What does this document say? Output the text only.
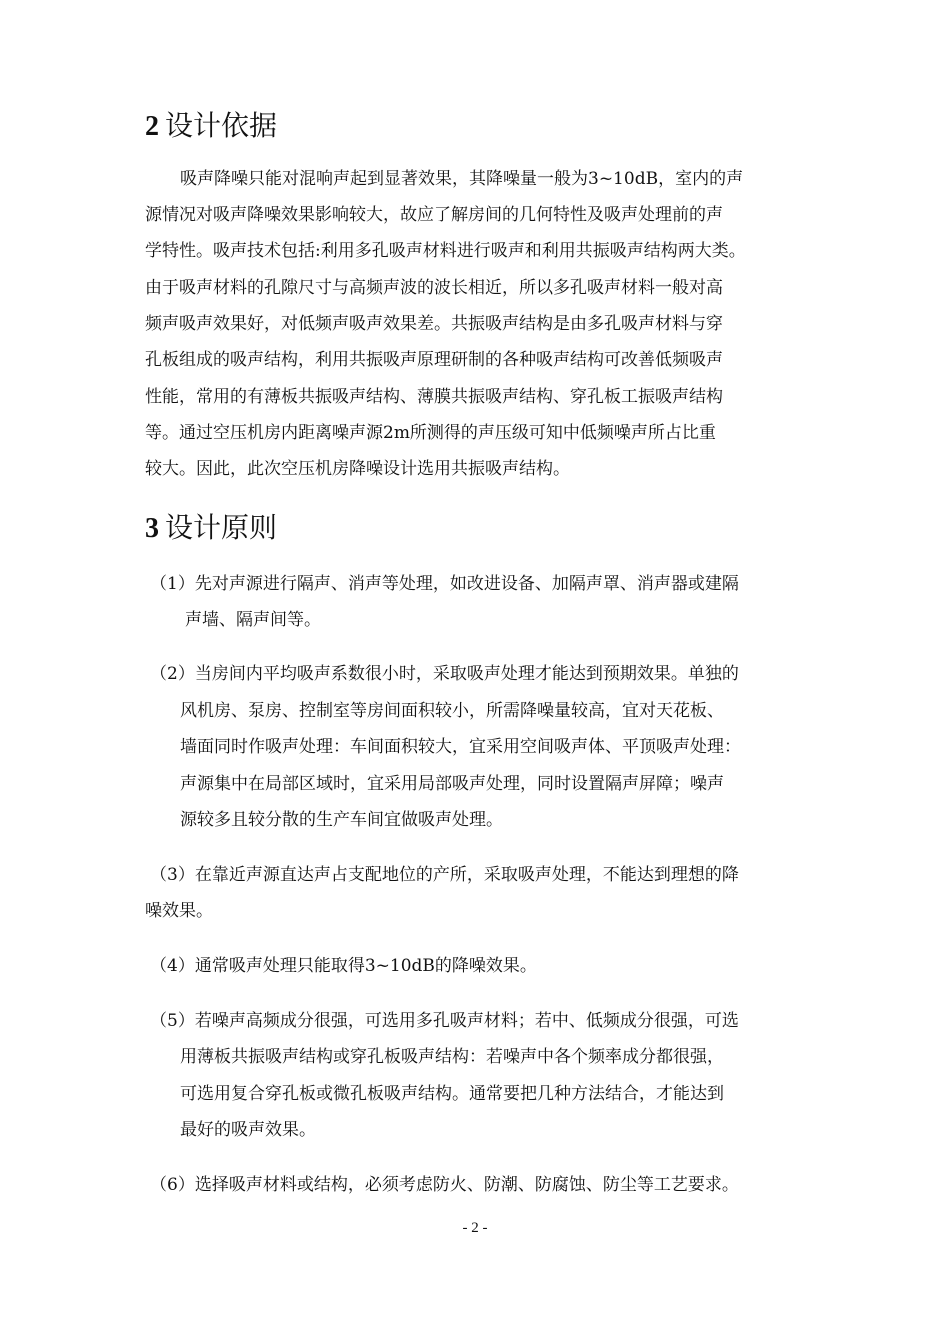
2 设计依据

吸声降噪只能对混响声起到显著效果，其降噪量一般为3~10dB，室内的声

源情况对吸声降噪效果影响较大，故应了解房间的几何特性及吸声处理前的声

学特性。吸声技术包括:利用多孔吸声材料进行吸声和利用共振吸声结构两大类。

由于吸声材料的孔隙尺寸与高频声波的波长相近，所以多孔吸声材料一般对高

频声吸声效果好，对低频声吸声效果差。共振吸声结构是由多孔吸声材料与穿

孔板组成的吸声结构，利用共振吸声原理研制的各种吸声结构可改善低频吸声

性能，常用的有薄板共振吸声结构、薄膜共振吸声结构、穿孔板工振吸声结构

等。通过空压机房内距离噪声源2m所测得的声压级可知中低频噪声所占比重

较大。因此，此次空压机房降噪设计选用共振吸声结构。

3 设计原则

（1）先对声源进行隔声、消声等处理，如改进设备、加隔声罩、消声器或建隔

声墙、隔声间等。

（2）当房间内平均吸声系数很小时，采取吸声处理才能达到预期效果。单独的

风机房、泵房、控制室等房间面积较小，所需降噪量较高，宜对天花板、

墙面同时作吸声处理：车间面积较大，宜采用空间吸声体、平顶吸声处理：

声源集中在局部区域时，宜采用局部吸声处理，同时设置隔声屏障；噪声

源较多且较分散的生产车间宜做吸声处理。

（3）在靠近声源直达声占支配地位的产所，采取吸声处理，不能达到理想的降

噪效果。

（4）通常吸声处理只能取得3~10dB的降噪效果。

（5）若噪声高频成分很强，可选用多孔吸声材料；若中、低频成分很强，可选

用薄板共振吸声结构或穿孔板吸声结构：若噪声中各个频率成分都很强，

可选用复合穿孔板或微孔板吸声结构。通常要把几种方法结合，才能达到

最好的吸声效果。

（6）选择吸声材料或结构，必须考虑防火、防潮、防腐蚀、防尘等工艺要求。

- 2 -
